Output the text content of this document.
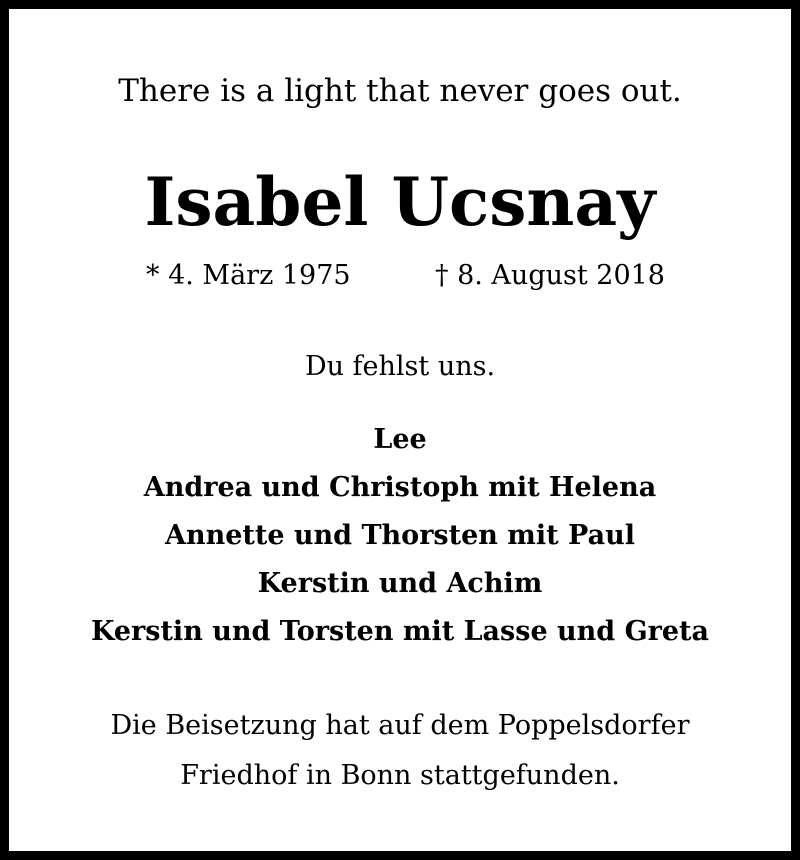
There is a light that never goes out.
Isabel Ucsnay
* 4. März 1975	† 8. August 2018
Du fehlst uns.
Lee
Andrea und Christoph mit Helena
Annette und Thorsten mit Paul
Kerstin und Achim
Kerstin und Torsten mit Lasse und Greta
Die Beisetzung hat auf dem Poppelsdorfer
Friedhof in Bonn stattgefunden.
